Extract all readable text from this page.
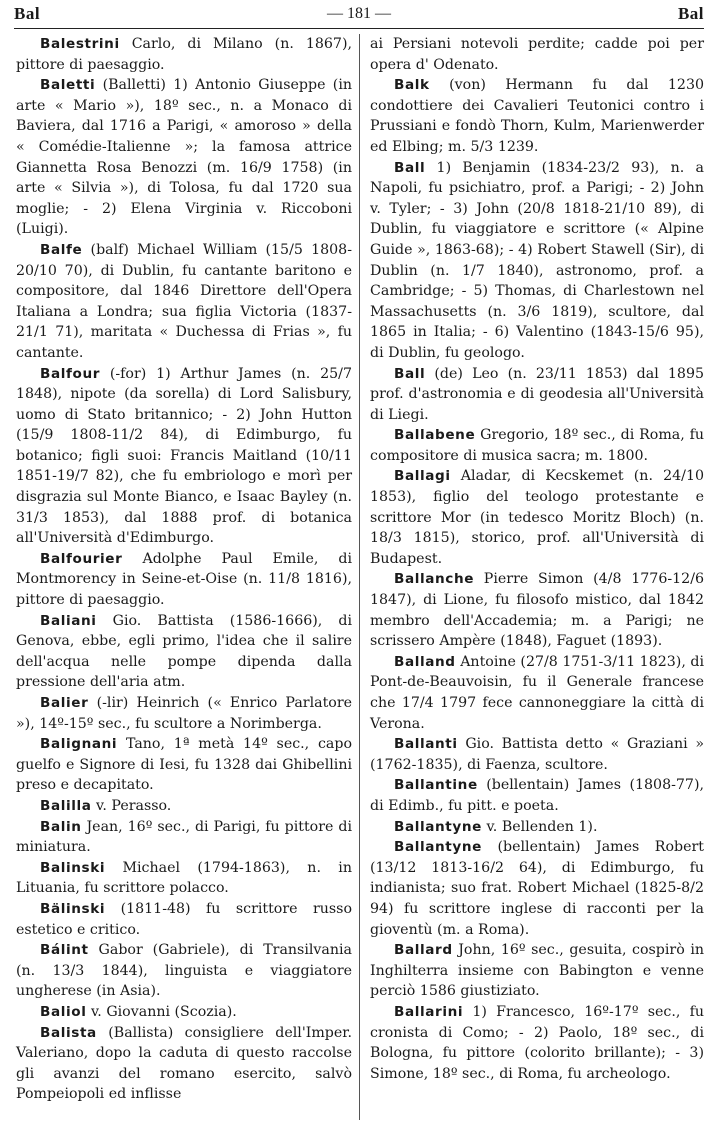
Bal	— 181 —	Bal

Balestrini Carlo, di Milano (n. 1867), pittore di paesaggio.

Baletti (Balletti) 1) Antonio Giuseppe (in arte « Mario »), 18º sec., n. a Monaco di Baviera, dal 1716 a Parigi, « amoroso » della « Comédie-Italienne »; la famosa attrice Giannetta Rosa Benozzi (m. 16/9 1758) (in arte « Silvia »), di Tolosa, fu dal 1720 sua moglie; - 2) Elena Virginia v. Riccoboni (Luigi).

Balfe (balf) Michael William (15/5 1808-20/10 70), di Dublin, fu cantante baritono e compositore, dal 1846 Direttore dell'Opera Italiana a Londra; sua figlia Victoria (1837-21/1 71), maritata « Duchessa di Frias », fu cantante.

Balfour (-for) 1) Arthur James (n. 25/7 1848), nipote (da sorella) di Lord Salisbury, uomo di Stato britannico; - 2) John Hutton (15/9 1808-11/2 84), di Edimburgo, fu botanico; figli suoi: Francis Maitland (10/11 1851-19/7 82), che fu embriologo e morì per disgrazia sul Monte Bianco, e Isaac Bayley (n. 31/3 1853), dal 1888 prof. di botanica all'Università d'Edimburgo.

Balfourier Adolphe Paul Emile, di Montmorency in Seine-et-Oise (n. 11/8 1816), pittore di paesaggio.

Baliani Gio. Battista (1586-1666), di Genova, ebbe, egli primo, l'idea che il salire dell'acqua nelle pompe dipenda dalla pressione dell'aria atm.

Balier (-lir) Heinrich (« Enrico Parlatore »), 14º-15º sec., fu scultore a Norimberga.

Balignani Tano, 1ª metà 14º sec., capo guelfo e Signore di Iesi, fu 1328 dai Ghibellini preso e decapitato.

Balilla v. Perasso.

Balin Jean, 16º sec., di Parigi, fu pittore di miniatura.

Balinski Michael (1794-1863), n. in Lituania, fu scrittore polacco.

Bälinski (1811-48) fu scrittore russo estetico e critico.

Bálint Gabor (Gabriele), di Transilvania (n. 13/3 1844), linguista e viaggiatore ungherese (in Asia).

Baliol v. Giovanni (Scozia).

Balista (Ballista) consigliere dell'Imper. Valeriano, dopo la caduta di questo raccolse gli avanzi del romano esercito, salvò Pompeiopoli ed inflisse

ai Persiani notevoli perdite; cadde poi per opera d' Odenato.

Balk (von) Hermann fu dal 1230 condottiere dei Cavalieri Teutonici contro i Prussiani e fondò Thorn, Kulm, Marienwerder ed Elbing; m. 5/3 1239.

Ball 1) Benjamin (1834-23/2 93), n. a Napoli, fu psichiatro, prof. a Parigi; - 2) John v. Tyler; - 3) John (20/8 1818-21/10 89), di Dublin, fu viaggiatore e scrittore (« Alpine Guide », 1863-68); - 4) Robert Stawell (Sir), di Dublin (n. 1/7 1840), astronomo, prof. a Cambridge; - 5) Thomas, di Charlestown nel Massachusetts (n. 3/6 1819), scultore, dal 1865 in Italia; - 6) Valentino (1843-15/6 95), di Dublin, fu geologo.

Ball (de) Leo (n. 23/11 1853) dal 1895 prof. d'astronomia e di geodesia all'Università di Liegi.

Ballabene Gregorio, 18º sec., di Roma, fu compositore di musica sacra; m. 1800.

Ballagi Aladar, di Kecskemet (n. 24/10 1853), figlio del teologo protestante e scrittore Mor (in tedesco Moritz Bloch) (n. 18/3 1815), storico, prof. all'Università di Budapest.

Ballanche Pierre Simon (4/8 1776-12/6 1847), di Lione, fu filosofo mistico, dal 1842 membro dell'Accademia; m. a Parigi; ne scrissero Ampère (1848), Faguet (1893).

Balland Antoine (27/8 1751-3/11 1823), di Pont-de-Beauvoisin, fu il Generale francese che 17/4 1797 fece cannoneggiare la città di Verona.

Ballanti Gio. Battista detto « Graziani » (1762-1835), di Faenza, scultore.

Ballantine (bellentain) James (1808-77), di Edimb., fu pitt. e poeta.

Ballantyne v. Bellenden 1).

Ballantyne (bellentain) James Robert (13/12 1813-16/2 64), di Edimburgo, fu indianista; suo frat. Robert Michael (1825-8/2 94) fu scrittore inglese di racconti per la gioventù (m. a Roma).

Ballard John, 16º sec., gesuita, cospirò in Inghilterra insieme con Babington e venne perciò 1586 giustiziato.

Ballarini 1) Francesco, 16º-17º sec., fu cronista di Como; - 2) Paolo, 18º sec., di Bologna, fu pittore (colorito brillante); - 3) Simone, 18º sec., di Roma, fu archeologo.
